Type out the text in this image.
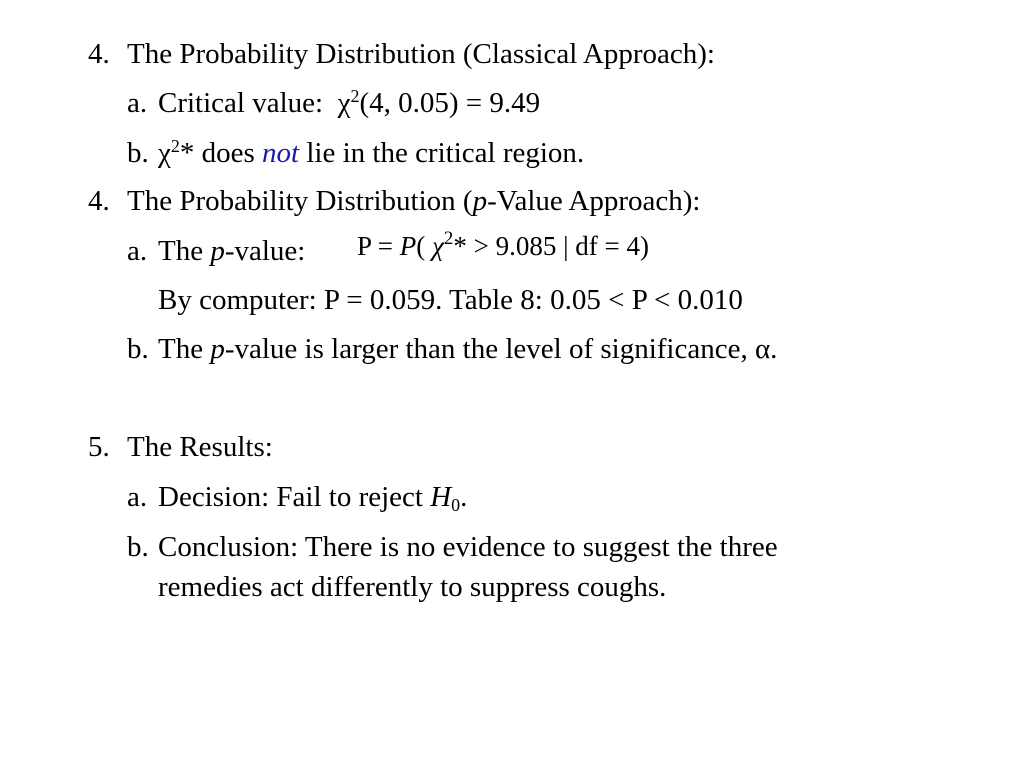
4. The Probability Distribution (Classical Approach):
a. Critical value: $\chi^2(4$, 0.05) = 9.49
b. $\chi^2*$ does not lie in the critical region.
4. The Probability Distribution (p-Value Approach):
a. The p-value: P = P( $\chi^2* > 9.085$ | df = 4)
By computer: P = 0.059. Table 8: 0.05 < P < 0.010
b. The p-value is larger than the level of significance, α.
5. The Results:
a. Decision: Fail to reject H0.
b. Conclusion: There is no evidence to suggest the three
remedies act differently to suppress coughs.
